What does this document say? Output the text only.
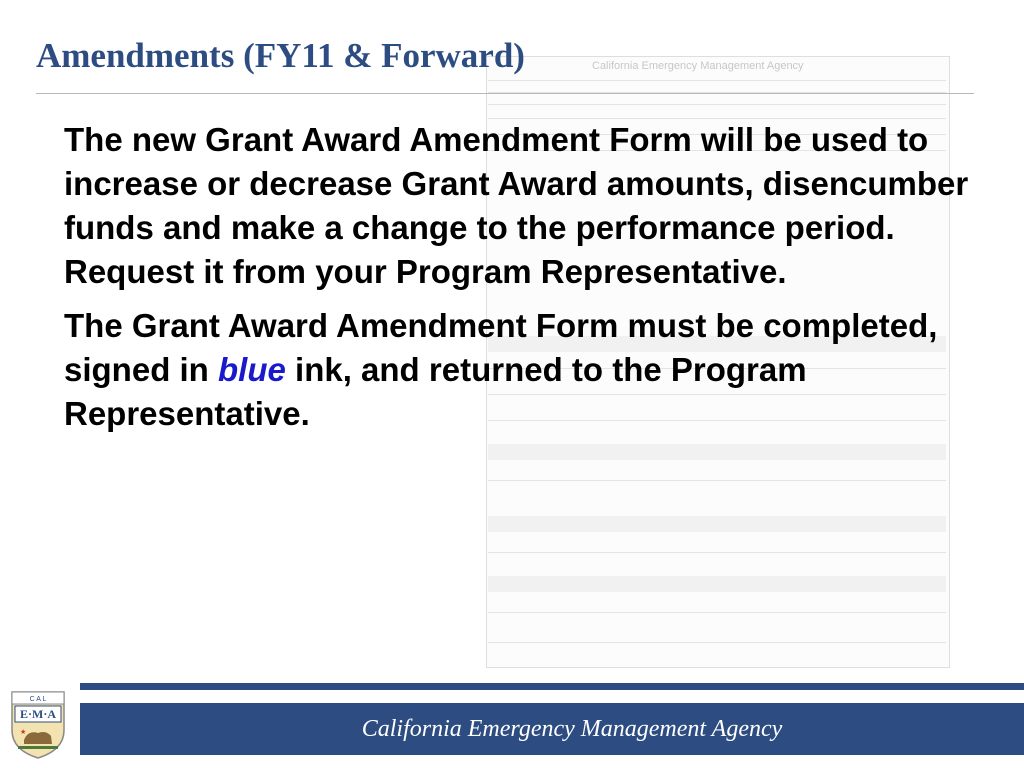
Amendments (FY11 & Forward)	California Emergency Management Agency

The new Grant Award Amendment Form will be used to increase or decrease Grant Award amounts, disencumber funds and make a change to the performance period. Request it from your Program Representative.

The Grant Award Amendment Form must be completed, signed in blue ink, and returned to the Program Representative.

California Emergency Management Agency
C A L
E·M·A
★
